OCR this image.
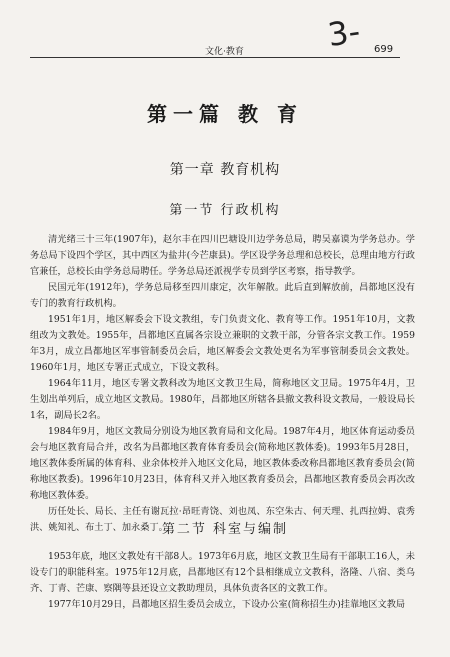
文化·教育	699
3-
第一篇 教 育
第一章 教育机构
第一节 行政机构

清光绪三十三年(1907年)，赵尔丰在四川巴塘设川边学务总局，聘吴嘉谟为学务总办。学务总局下设四个学区，其中西区为盐井(今芒康县)。学区设学务总理和总校长，总理由地方行政官兼任，总校长由学务总局聘任。学务总局还派视学专员到学区考察，指导教学。

民国元年(1912年)，学务总局移至四川康定，次年解散。此后直到解放前，昌都地区没有专门的教育行政机构。

1951年1月，地区解委会下设文教组，专门负责文化、教育等工作。1951年10月，文教组改为文教处。1955年，昌都地区直属各宗设立兼职的文教干部，分管各宗文教工作。1959年3月，成立昌都地区军事管制委员会后，地区解委会文教处更名为军事管制委员会文教处。1960年1月，地区专署正式成立，下设文教科。

1964年11月，地区专署文教科改为地区文教卫生局，简称地区文卫局。1975年4月，卫生划出单列后，成立地区文教局。1980年，昌都地区所辖各县撤文教科设文教局，一般设局长1名，副局长2名。

1984年9月，地区文教局分别设为地区教育局和文化局。1987年4月，地区体育运动委员会与地区教育局合并，改名为昌都地区教育体育委员会(简称地区教体委)。1993年5月28日，地区教体委所属的体育科、业余体校并入地区文化局，地区教体委改称昌都地区教育委员会(简称地区教委)。1996年10月23日，体育科又并入地区教育委员会，昌都地区教育委员会再次改称地区教体委。

历任处长、局长、主任有谢瓦拉·昂旺青饶、刘也凤、东空朱古、何天理、扎西拉姆、袁秀洪、姚知礼、布土丁、加永桑丁。

第二节 科室与编制

1953年底，地区文教处有干部8人。1973年6月底，地区文教卫生局有干部职工16人，未设专门的职能科室。1975年12月底，昌都地区有12个县相继成立文教科，洛隆、八宿、类乌齐、丁青、芒康、察隅等县还设立文教助理员，具体负责各区的文教工作。

1977年10月29日，昌都地区招生委员会成立，下设办公室(简称招生办)挂靠地区文教局
